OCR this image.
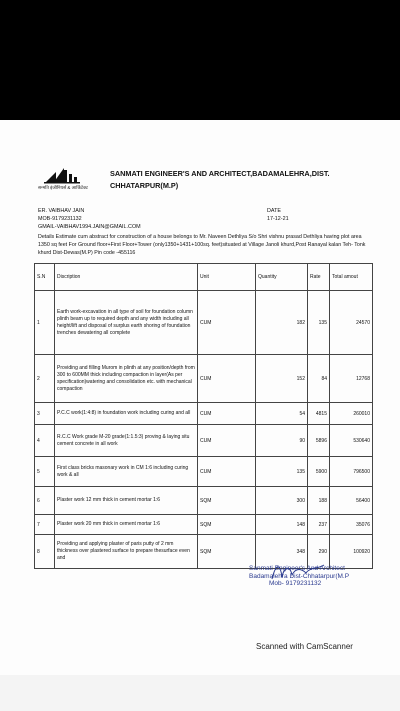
सन्मति इंजीनियर्स & आर्किटेक्ट
SANMATI ENGINEER'S AND ARCHITECT,BADAMALEHRA,DIST. CHHATARPUR(M.P)
ER. VAIBHAV JAIN	DATE
MOB-9179231132	17-12-21
GMAIL-VAIBHAV1994.JAIN@GMAIL.COM
Details Estimate cum abstract for construction of a house belongs to Mr. Naveen Dethliya S/o Shri vishnu prasad Dethliya having plot area 1350 sq feet For Ground floor+First Floor+Tower (only1350+1431+100sq. feet)situated at Village Janoli khurd,Post Ranayal kalan Teh- Tonk khurd Dist-Dewas(M.P) Pin code -455116
S.N	Discription	Unit	Quantity	Rate	Total amout
1	Earth work-excavation in all type of soil for foundation column plinth beam up to required depth and any width including all height/lift and disposal of surplus earth shoring of foundation trenches dewatering all complete	CUM	182	135	24570
2	Providing and filling Murom in plinth at any position/depth from 300 to 600MM thick including compaction in layer(As per specification)watering and consolidation etc. with mechanical compaction	CUM	152	84	12768
3	P.C.C work(1:4:8) in foundation work including curing and all	CUM	54	4815	260010
4	R.C.C Work grade M-20 grade(1:1.5:3) proving & laying situ cement concrete in all work	CUM	90	5896	530640
5	First class bricks masonary work in CM 1:6 including curing work & all	CUM	135	5900	796500
6	Plaster work 12 mm thick in cement mortar 1:6	SQM	300	188	56400
7	Plaster work 20 mm thick in cement mortar 1:6	SQM	148	237	35076
8	Providing and applying plaster of paris putty of 2 mm thickness over plastered surface to prepare thesurface even and	SQM	348	290	100920
Sanmati Engineer's And Architect
Badamalehra Dist-Chhatarpur(M.P
Mob- 9179231132
Scanned with CamScanner
